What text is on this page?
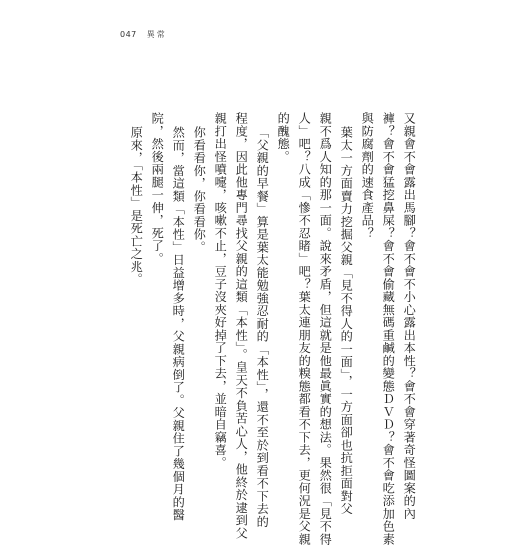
047 異常
又親會不會露出馬腳？會不會不小心露出本性？會不會穿著奇怪圖案的內
褲？會不會猛挖鼻屎？會不會偷藏無碼重鹹的變態ＤＶＤ？會不會吃添加色素
與防腐劑的速食產品？
葉太一方面賣力挖掘父親「見不得人的一面」，一方面卻也抗拒面對父
親不爲人知的那一面。說來矛盾，但這就是他最眞實的想法。果然很「見不得
人」吧？八成「慘不忍睹」吧？葉太連朋友的糗態都看不下去，更何況是父親
的醜態。
「父親的早餐」算是葉太能勉強忍耐的「本性」，還不至於到看不下去的
程度，因此他專門尋找父親的這類「本性」。皇天不負苦心人，他終於逮到父
親打出怪噴嚏，咳嗽不止，豆子沒夾好掉了下去，並暗自竊喜。
你看看你，你看看你。
然而，當這類「本性」日益增多時，父親病倒了。父親住了幾個月的醫
院，然後兩腿一伸，死了。
原來，「本性」是死亡之兆。
